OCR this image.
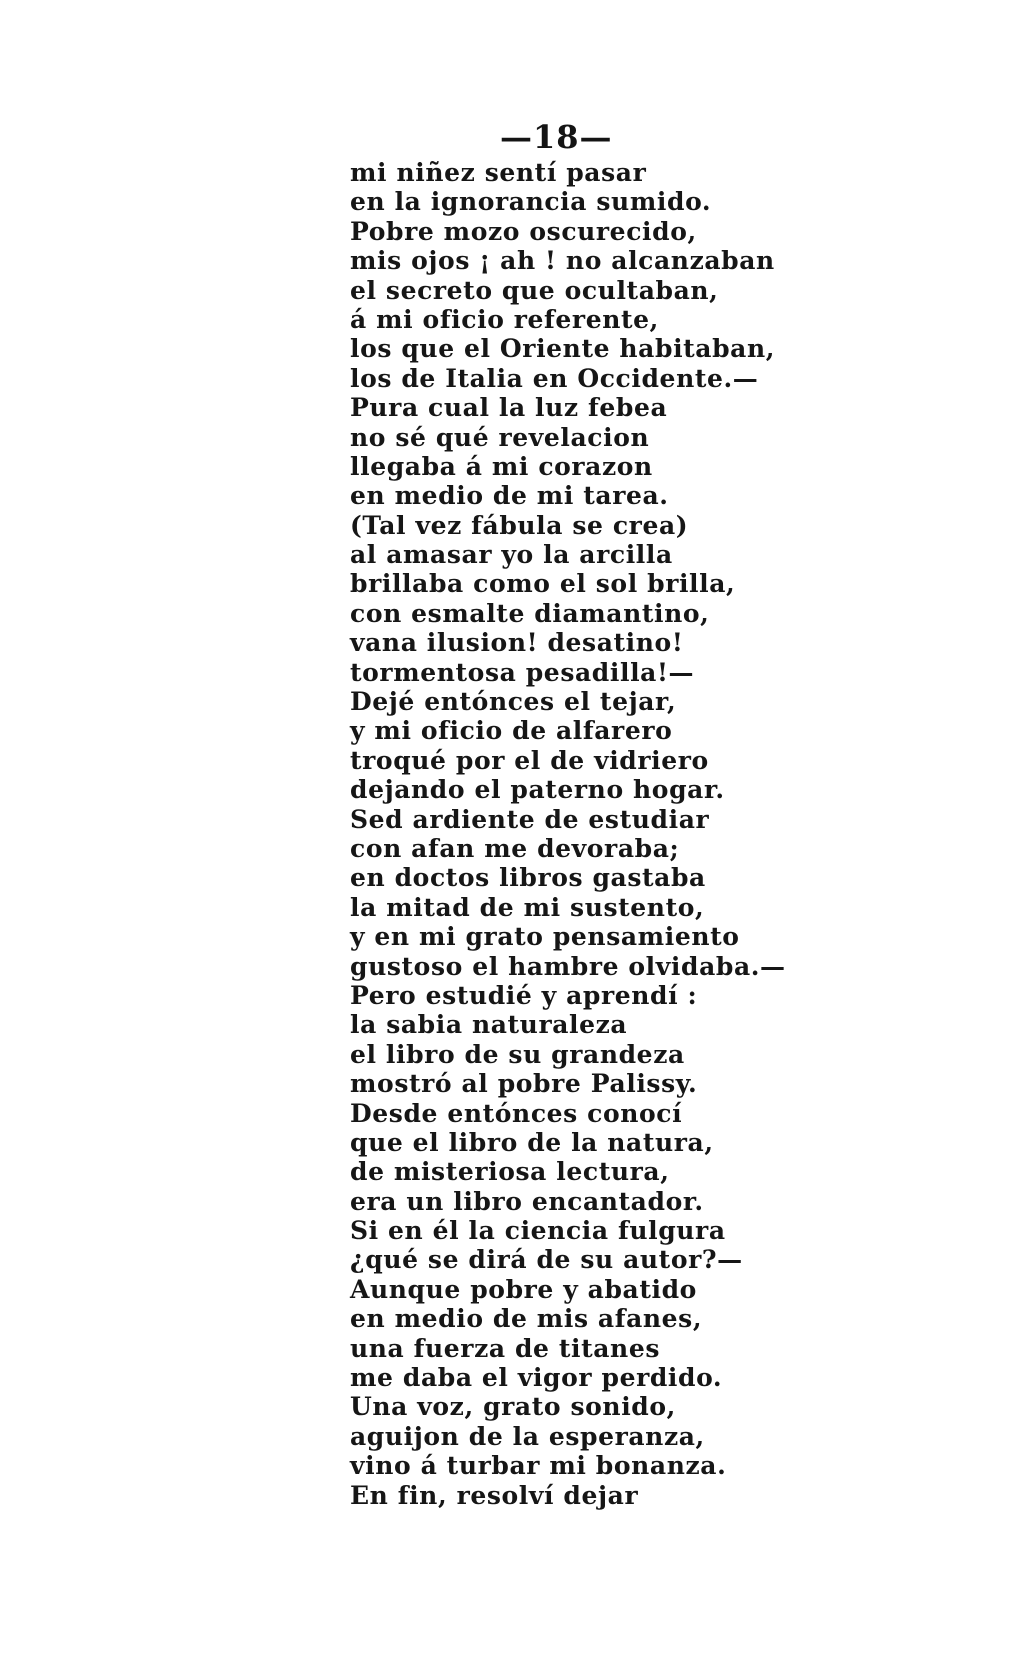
—18—
mi niñez sentí pasar
en la ignorancia sumido.
Pobre mozo oscurecido,
mis ojos ¡ ah ! no alcanzaban
el secreto que ocultaban,
á mi oficio referente,
los que el Oriente habitaban,
los de Italia en Occidente.—
Pura cual la luz febea
no sé qué revelacion
llegaba á mi corazon
en medio de mi tarea.
(Tal vez fábula se crea)
al amasar yo la arcilla
brillaba como el sol brilla,
con esmalte diamantino,
vana ilusion! desatino!
tormentosa pesadilla!—
Dejé entónces el tejar,
y mi oficio de alfarero
troqué por el de vidriero
dejando el paterno hogar.
Sed ardiente de estudiar
con afan me devoraba;
en doctos libros gastaba
la mitad de mi sustento,
y en mi grato pensamiento
gustoso el hambre olvidaba.—
Pero estudié y aprendí :
la sabia naturaleza
el libro de su grandeza
mostró al pobre Palissy.
Desde entónces conocí
que el libro de la natura,
de misteriosa lectura,
era un libro encantador.
Si en él la ciencia fulgura
¿qué se dirá de su autor?—
Aunque pobre y abatido
en medio de mis afanes,
una fuerza de titanes
me daba el vigor perdido.
Una voz, grato sonido,
aguijon de la esperanza,
vino á turbar mi bonanza.
En fin, resolví dejar
